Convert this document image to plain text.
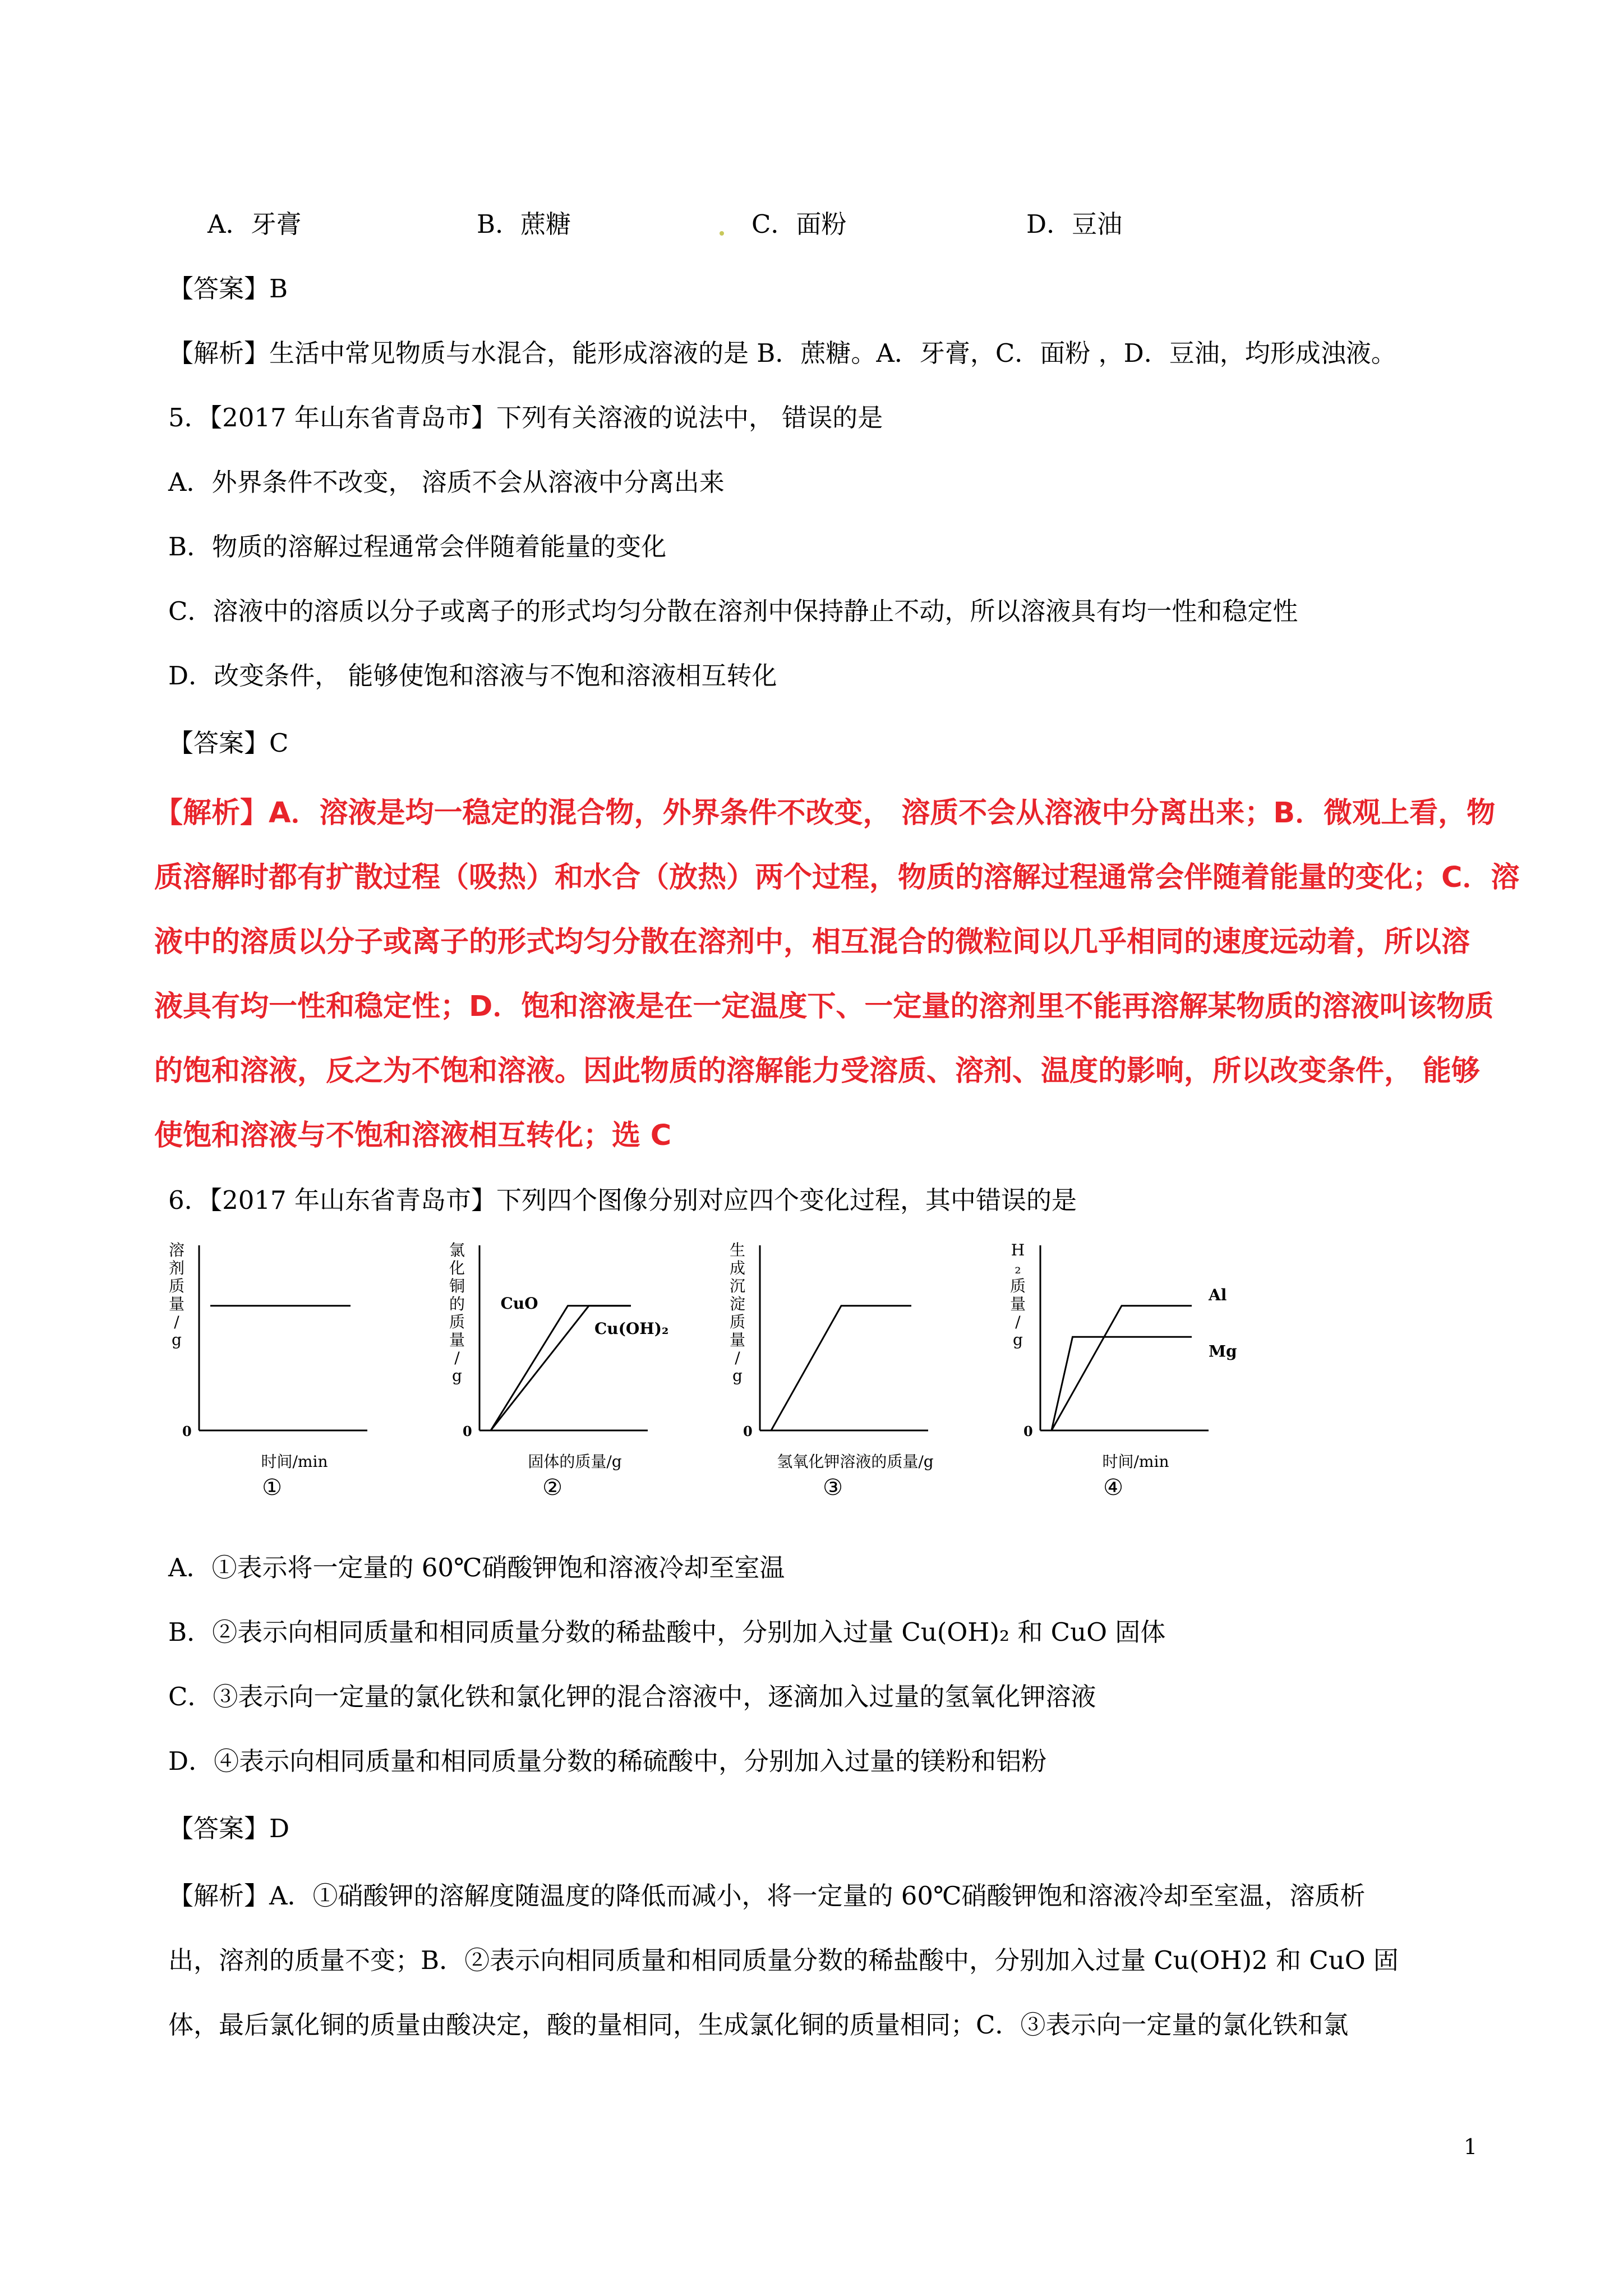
A．牙膏	B．蔗糖	C．面粉	D．豆油
【答案】B
【解析】生活中常见物质与水混合，能形成溶液的是 B．蔗糖。A．牙膏，C．面粉 ，D．豆油，均形成浊液。
5．【2017 年山东省青岛市】下列有关溶液的说法中， 错误的是
A．外界条件不改变， 溶质不会从溶液中分离出来
B．物质的溶解过程通常会伴随着能量的变化
C．溶液中的溶质以分子或离子的形式均匀分散在溶剂中保持静止不动，所以溶液具有均一性和稳定性
D．改变条件， 能够使饱和溶液与不饱和溶液相互转化
【答案】C
【解析】A．溶液是均一稳定的混合物，外界条件不改变， 溶质不会从溶液中分离出来；B．微观上看，物
质溶解时都有扩散过程（吸热）和水合（放热）两个过程，物质的溶解过程通常会伴随着能量的变化；C．溶
液中的溶质以分子或离子的形式均匀分散在溶剂中，相互混合的微粒间以几乎相同的速度远动着，所以溶
液具有均一性和稳定性；D．饱和溶液是在一定温度下、一定量的溶剂里不能再溶解某物质的溶液叫该物质
的饱和溶液，反之为不饱和溶液。因此物质的溶解能力受溶质、溶剂、温度的影响，所以改变条件， 能够
使饱和溶液与不饱和溶液相互转化；选 C
6．【2017 年山东省青岛市】下列四个图像分别对应四个变化过程，其中错误的是
0
溶
剂
质
量
/
g
时间/min
①
0
氯
化
铜
的
质
量
/
g
固体的质量/g
②
CuO
Cu(OH)₂
0
生
成
沉
淀
质
量
/
g
氢氧化钾溶液的质量/g
③
0
H
₂
质
量
/
g
时间/min
④
Al
Mg
A．①表示将一定量的 60℃硝酸钾饱和溶液冷却至室温
B．②表示向相同质量和相同质量分数的稀盐酸中，分别加入过量 Cu(OH)₂ 和 CuO 固体
C．③表示向一定量的氯化铁和氯化钾的混合溶液中，逐滴加入过量的氢氧化钾溶液
D．④表示向相同质量和相同质量分数的稀硫酸中，分别加入过量的镁粉和铝粉
【答案】D
【解析】A．①硝酸钾的溶解度随温度的降低而减小，将一定量的 60℃硝酸钾饱和溶液冷却至室温，溶质析
出，溶剂的质量不变；B．②表示向相同质量和相同质量分数的稀盐酸中，分别加入过量 Cu(OH)2 和 CuO 固
体，最后氯化铜的质量由酸决定，酸的量相同，生成氯化铜的质量相同；C．③表示向一定量的氯化铁和氯
1
